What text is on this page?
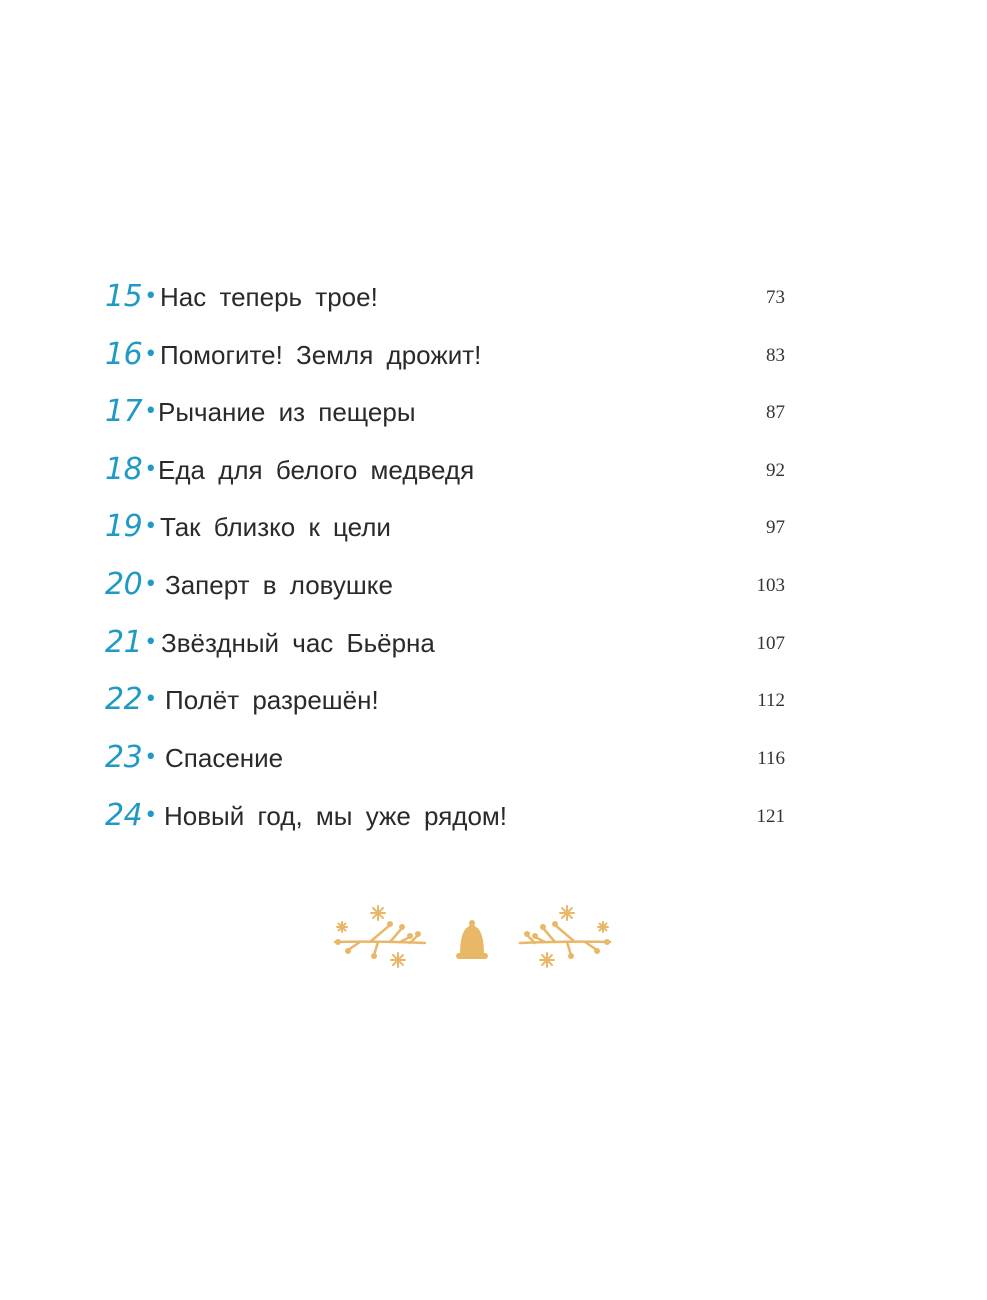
15• Нас теперь трое!	73
16• Помогите! Земля дрожит!	83
17• Рычание из пещеры	87
18• Еда для белого медведя	92
19• Так близко к цели	97
20• Заперт в ловушке	103
21• Звёздный час Бьёрна	107
22• Полёт разрешён!	112
23• Спасение	116
24• Новый год, мы уже рядом!	121
